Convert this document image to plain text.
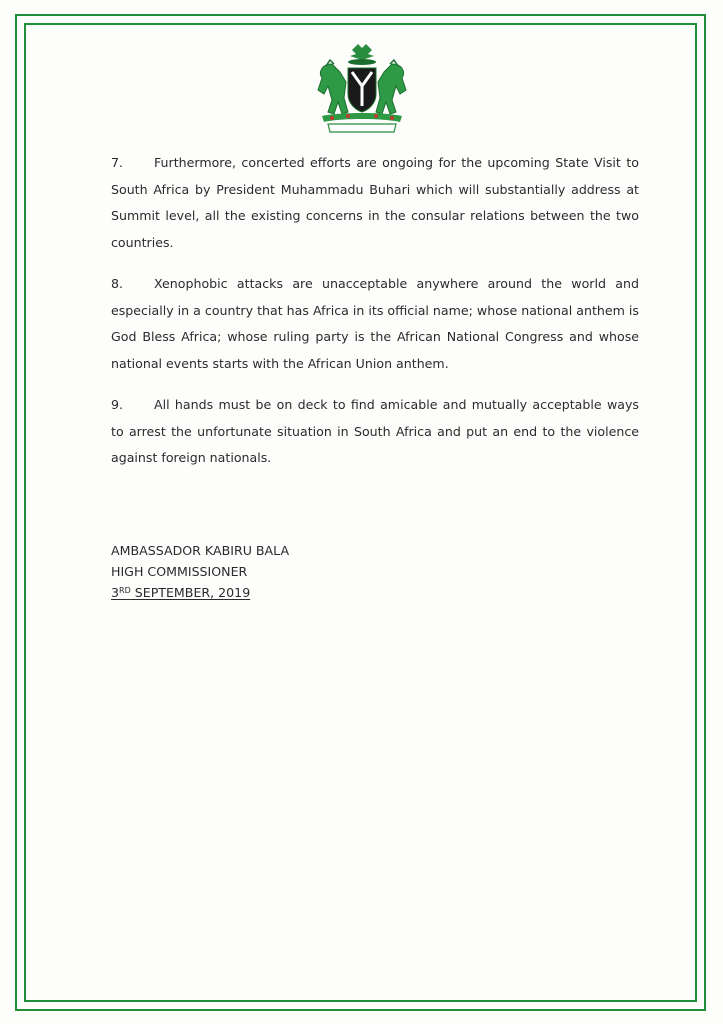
7. Furthermore, concerted efforts are ongoing for the upcoming State Visit to South Africa by President Muhammadu Buhari which will substantially address at Summit level, all the existing concerns in the consular relations between the two countries.

8. Xenophobic attacks are unacceptable anywhere around the world and especially in a country that has Africa in its official name; whose national anthem is God Bless Africa; whose ruling party is the African National Congress and whose national events starts with the African Union anthem.

9. All hands must be on deck to find amicable and mutually acceptable ways to arrest the unfortunate situation in South Africa and put an end to the violence against foreign nationals.

AMBASSADOR KABIRU BALA
HIGH COMMISSIONER
3RD SEPTEMBER, 2019
